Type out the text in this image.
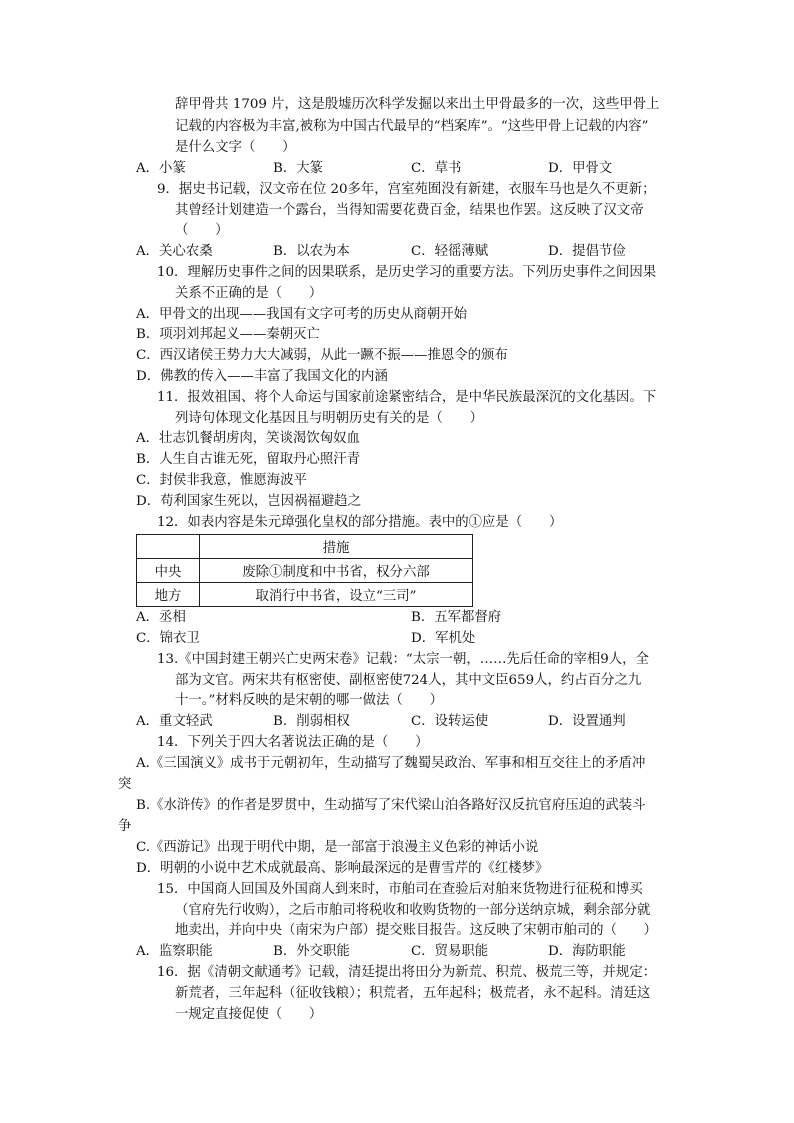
辞甲骨共 1709 片，这是殷墟历次科学发掘以来出土甲骨最多的一次，这些甲骨上
记载的内容极为丰富,被称为中国古代最早的“档案库”。“这些甲骨上记载的内容”
是什么文字（　　）
A．小篆	B．大篆	C．草书	D．甲骨文
9．据史书记载，汉文帝在位 20多年，宫室苑囿没有新建，衣服车马也是久不更新；
其曾经计划建造一个露台，当得知需要花费百金，结果也作罢。这反映了汉文帝
（　　）
A．关心农桑	B．以农为本	C．轻徭薄赋	D．提倡节俭
10．理解历史事件之间的因果联系，是历史学习的重要方法。下列历史事件之间因果
关系不正确的是（　　）
A．甲骨文的出现——我国有文字可考的历史从商朝开始
B．项羽刘邦起义——秦朝灭亡
C．西汉诸侯王势力大大减弱，从此一蹶不振——推恩令的颁布
D．佛教的传入——丰富了我国文化的内涵
11．报效祖国、将个人命运与国家前途紧密结合，是中华民族最深沉的文化基因。下
列诗句体现文化基因且与明朝历史有关的是（　　）
A．壮志饥餐胡虏肉，笑谈渴饮匈奴血
B．人生自古谁无死，留取丹心照汗青
C．封侯非我意，惟愿海波平
D．苟利国家生死以，岂因祸福避趋之
12．如表内容是朱元璋强化皇权的部分措施。表中的①应是（　　）
	措施
中央	废除①制度和中书省，权分六部
地方	取消行中书省，设立“三司”
A．丞相	B．五军都督府
C．锦衣卫	D．军机处
13.《中国封建王朝兴亡史两宋卷》记载：“太宗一朝，……先后任命的宰相9人，全
部为文官。两宋共有枢密使、副枢密使724人，其中文臣659人，约占百分之九
十一。”材料反映的是宋朝的哪一做法（　　）
A．重文轻武	B．削弱相权	C．设转运使	D．设置通判
14．下列关于四大名著说法正确的是（　　）
A.《三国演义》成书于元朝初年，生动描写了魏蜀吴政治、军事和相互交往上的矛盾冲
突
B.《水浒传》的作者是罗贯中，生动描写了宋代梁山泊各路好汉反抗官府压迫的武装斗
争
C.《西游记》出现于明代中期，是一部富于浪漫主义色彩的神话小说
D．明朝的小说中艺术成就最高、影响最深远的是曹雪芹的《红楼梦》
15．中国商人回国及外国商人到来时，市舶司在查验后对舶来货物进行征税和博买
（官府先行收购），之后市舶司将税收和收购货物的一部分送纳京城，剩余部分就
地卖出，并向中央（南宋为户部）提交账目报告。这反映了宋朝市舶司的（　　）
A．监察职能	B．外交职能	C．贸易职能	D．海防职能
16．据《清朝文献通考》记载，清廷提出将田分为新荒、积荒、极荒三等，并规定：
新荒者，三年起科（征收钱粮）；积荒者，五年起科；极荒者，永不起科。清廷这
一规定直接促使（　　）
